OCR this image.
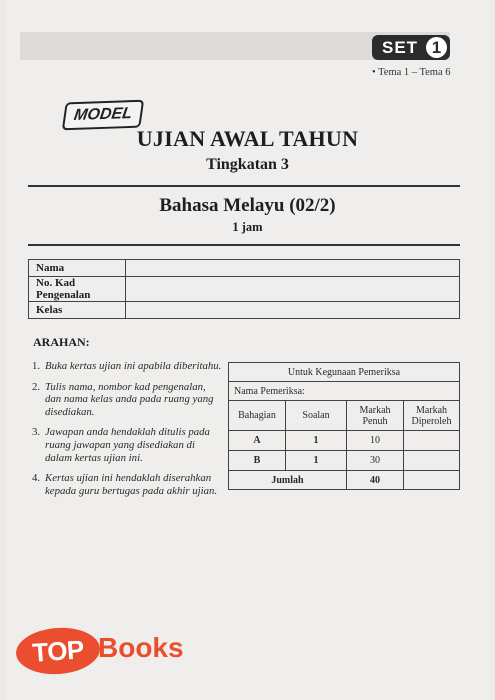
SET 1
• Tema 1 – Tema 6
MODEL
UJIAN AWAL TAHUN
Tingkatan 3
Bahasa Melayu (02/2)
1 jam
Nama	
No. Kad Pengenalan	
Kelas	
ARAHAN:
1. Buka kertas ujian ini apabila diberitahu.
2. Tulis nama, nombor kad pengenalan, dan nama kelas anda pada ruang yang disediakan.
3. Jawapan anda hendaklah ditulis pada ruang jawapan yang disediakan di dalam kertas ujian ini.
4. Kertas ujian ini hendaklah diserahkan kepada guru bertugas pada akhir ujian.
Untuk Kegunaan Pemeriksa			
Nama Pemeriksa:			
Bahagian	Soalan	Markah Penuh	Markah Diperoleh
A	1	10	
B	1	30	
Jumlah		40	
TOP Books
